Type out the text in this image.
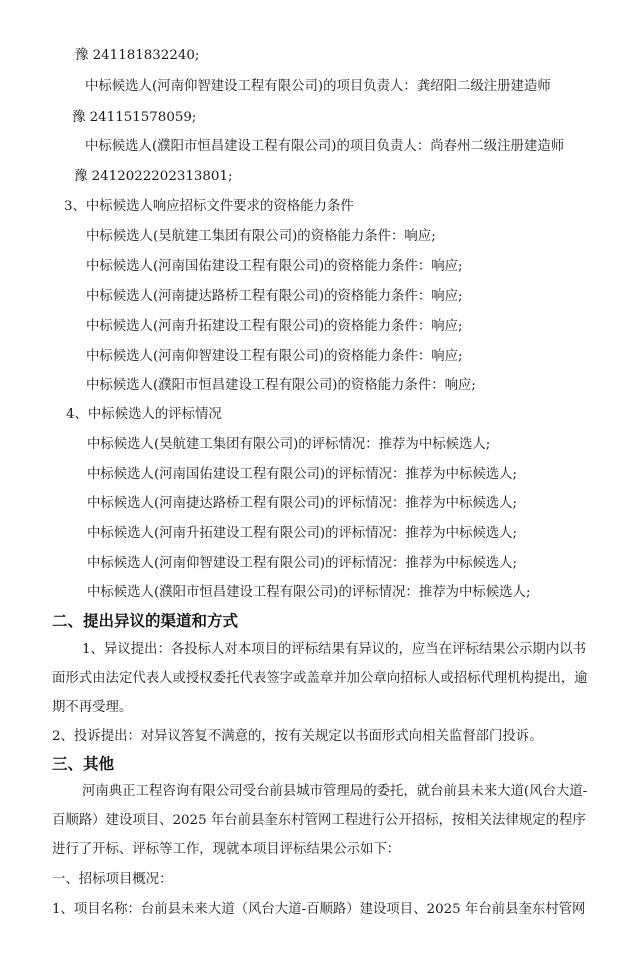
豫 241181832240;
中标候选人(河南仰智建设工程有限公司)的项目负责人：龚绍阳二级注册建造师
豫 241151578059;
中标候选人(濮阳市恒昌建设工程有限公司)的项目负责人：尚春州二级注册建造师
豫 2412022202313801;
3、中标候选人响应招标文件要求的资格能力条件
中标候选人(昊航建工集团有限公司)的资格能力条件：响应;
中标候选人(河南国佑建设工程有限公司)的资格能力条件：响应;
中标候选人(河南捷达路桥工程有限公司)的资格能力条件：响应;
中标候选人(河南升拓建设工程有限公司)的资格能力条件：响应;
中标候选人(河南仰智建设工程有限公司)的资格能力条件：响应;
中标候选人(濮阳市恒昌建设工程有限公司)的资格能力条件：响应;
4、中标候选人的评标情况
中标候选人(昊航建工集团有限公司)的评标情况：推荐为中标候选人;
中标候选人(河南国佑建设工程有限公司)的评标情况：推荐为中标候选人;
中标候选人(河南捷达路桥工程有限公司)的评标情况：推荐为中标候选人;
中标候选人(河南升拓建设工程有限公司)的评标情况：推荐为中标候选人;
中标候选人(河南仰智建设工程有限公司)的评标情况：推荐为中标候选人;
中标候选人(濮阳市恒昌建设工程有限公司)的评标情况：推荐为中标候选人;
二、提出异议的渠道和方式
1、异议提出：各投标人对本项目的评标结果有异议的，应当在评标结果公示期内以书
面形式由法定代表人或授权委托代表签字或盖章并加公章向招标人或招标代理机构提出，逾
期不再受理。
2、投诉提出：对异议答复不满意的，按有关规定以书面形式向相关监督部门投诉。
三、其他
河南典正工程咨询有限公司受台前县城市管理局的委托，就台前县未来大道(风台大道-
百顺路）建设项目、2025 年台前县奎东村管网工程进行公开招标，按相关法律规定的程序
进行了开标、评标等工作，现就本项目评标结果公示如下：
一、招标项目概况：
1、项目名称：台前县未来大道（风台大道-百顺路）建设项目、2025 年台前县奎东村管网
